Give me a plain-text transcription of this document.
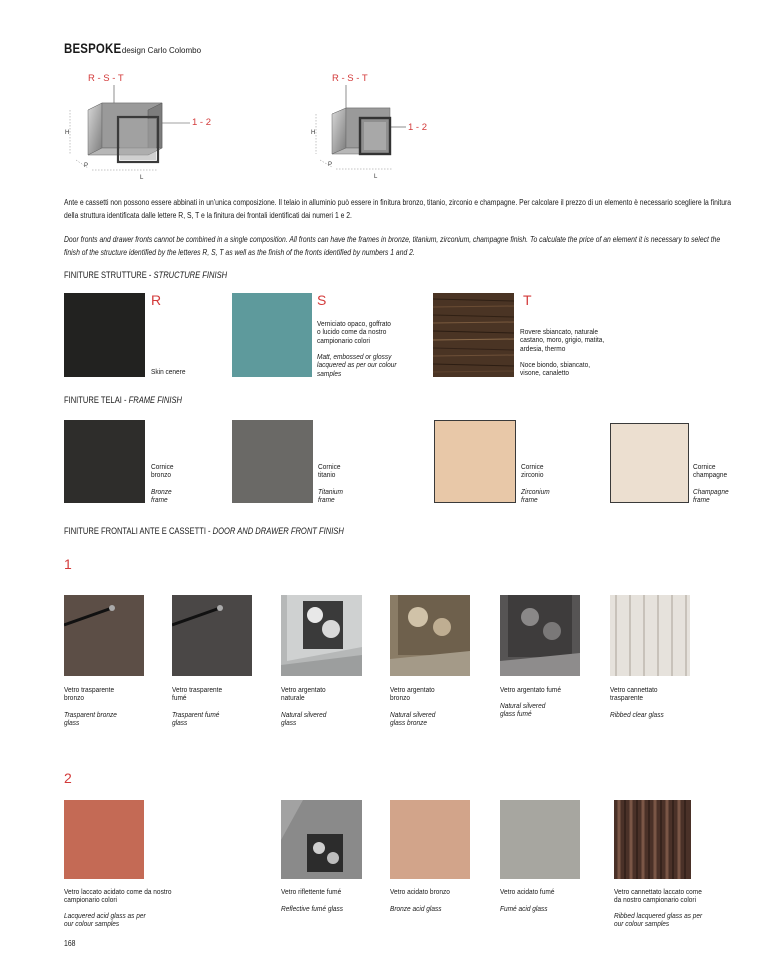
BESPOKEdesign Carlo Colombo
R - S - T
1 - 2
H
P
L
R - S - T
1 - 2
H
P
L
Ante e cassetti non possono essere abbinati in un'unica composizione. Il telaio in alluminio può essere in finitura bronzo, titanio, zirconio e champagne. Per calcolare il prezzo di un elemento è necessario scegliere la finitura della struttura identificata dalle lettere R, S, T e la finitura dei frontali identificati dai numeri 1 e 2.
Door fronts and drawer fronts cannot be combined in a single composition. All fronts can have the frames in bronze, titanium, zirconium, champagne finish. To calculate the price of an element it is necessary to select the finish of the structure identified by the letteres R, S, T as well as the finish of the fronts identified by numbers 1 and 2.
FINITURE STRUTTURE - STRUCTURE FINISH
R
Skin cenere
S
Verniciato opaco, goffrato
o lucido come da nostro
campionario colori
Matt, embossed or glossy
lacquered as per our colour
samples
T
Rovere sbiancato, naturale
castano, moro, grigio, matita,
ardesia, thermo
Noce biondo, sbiancato,
visone, canaletto
FINITURE TELAI - FRAME FINISH
Cornice
bronzo
Bronze
frame
Cornice
titanio
Titanium
frame
Cornice
zirconio
Zirconium
frame
Cornice
champagne
Champagne
frame
FINITURE FRONTALI ANTE E CASSETTI - DOOR AND DRAWER FRONT FINISH
1
Vetro trasparente
bronzo
Trasparent bronze
glass
Vetro trasparente
fumé
Trasparent fumé
glass
Vetro argentato
naturale
Natural silvered
glass
Vetro argentato
bronzo
Natural silvered
glass bronze
Vetro argentato fumé
Natural silvered
glass fumé
Vetro cannettato
trasparente
Ribbed clear glass
2
Vetro laccato acidato come da nostro
campionario colori
Lacquered acid glass as per
our colour samples
Vetro riflettente fumé
Reflective fumé glass
Vetro acidato bronzo
Bronze acid glass
Vetro acidato fumé
Fumé acid glass
Vetro cannettato laccato come
da nostro campionario colori
Ribbed lacquered glass as per
our colour samples
168
